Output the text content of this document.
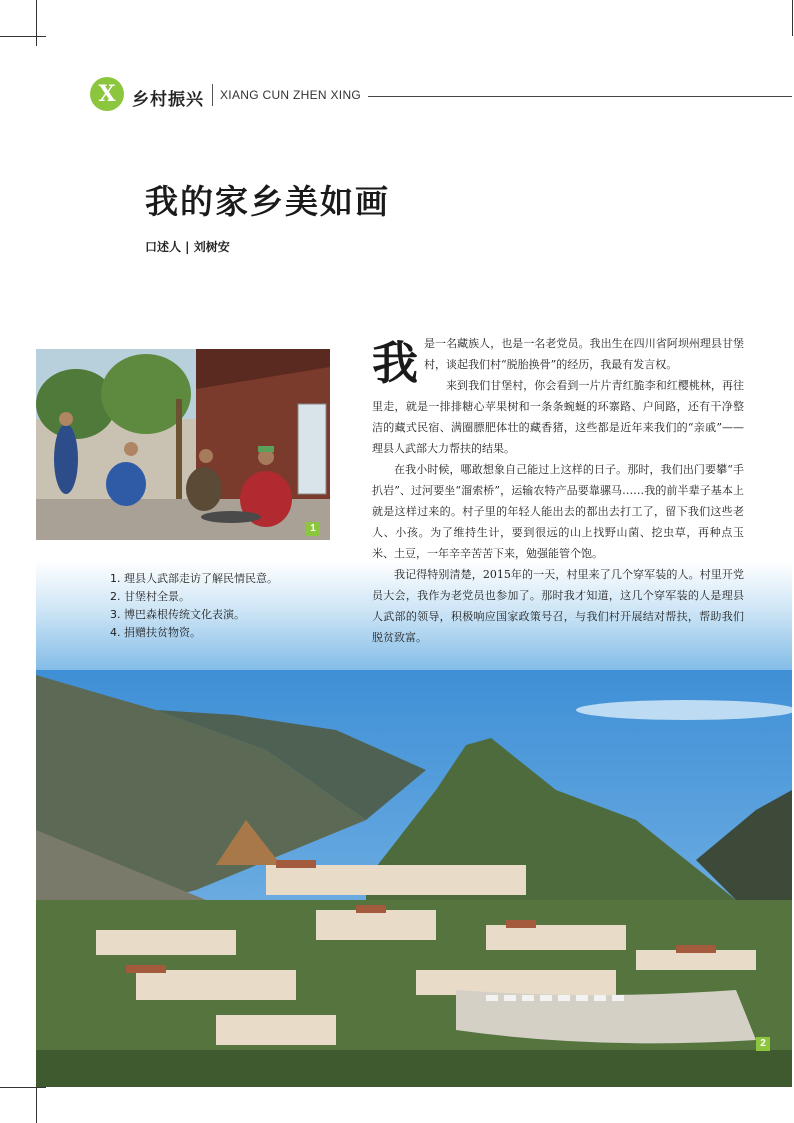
X 乡村振兴 XIANG CUN ZHEN XING
我的家乡美如画
口述人 | 刘树安
1
1. 理县人武部走访了解民情民意。
2. 甘堡村全景。
3. 博巴森根传统文化表演。
4. 捐赠扶贫物资。

我是一名藏族人，也是一名老党员。我出生在四川省阿坝州理县甘堡村，谈起我们村“脱胎换骨”的经历，我最有发言权。

来到我们甘堡村，你会看到一片片青红脆李和红樱桃林，再往里走，就是一排排糖心苹果树和一条条蜿蜒的环寨路、户间路，还有干净整洁的藏式民宿、满圈膘肥体壮的藏香猪，这些都是近年来我们的“亲戚”——理县人武部大力帮扶的结果。

在我小时候，哪敢想象自己能过上这样的日子。那时，我们出门要攀“手扒岩”、过河要坐“溜索桥”，运输农特产品要靠骡马……我的前半辈子基本上就是这样过来的。村子里的年轻人能出去的都出去打工了，留下我们这些老人、小孩。为了维持生计，要到很远的山上找野山菌、挖虫草，再种点玉米、土豆，一年辛辛苦苦下来，勉强能管个饱。

我记得特别清楚，2015年的一天，村里来了几个穿军装的人。村里开党员大会，我作为老党员也参加了。那时我才知道，这几个穿军装的人是理县人武部的领导，积极响应国家政策号召，与我们村开展结对帮扶，帮助我们脱贫致富。

2
